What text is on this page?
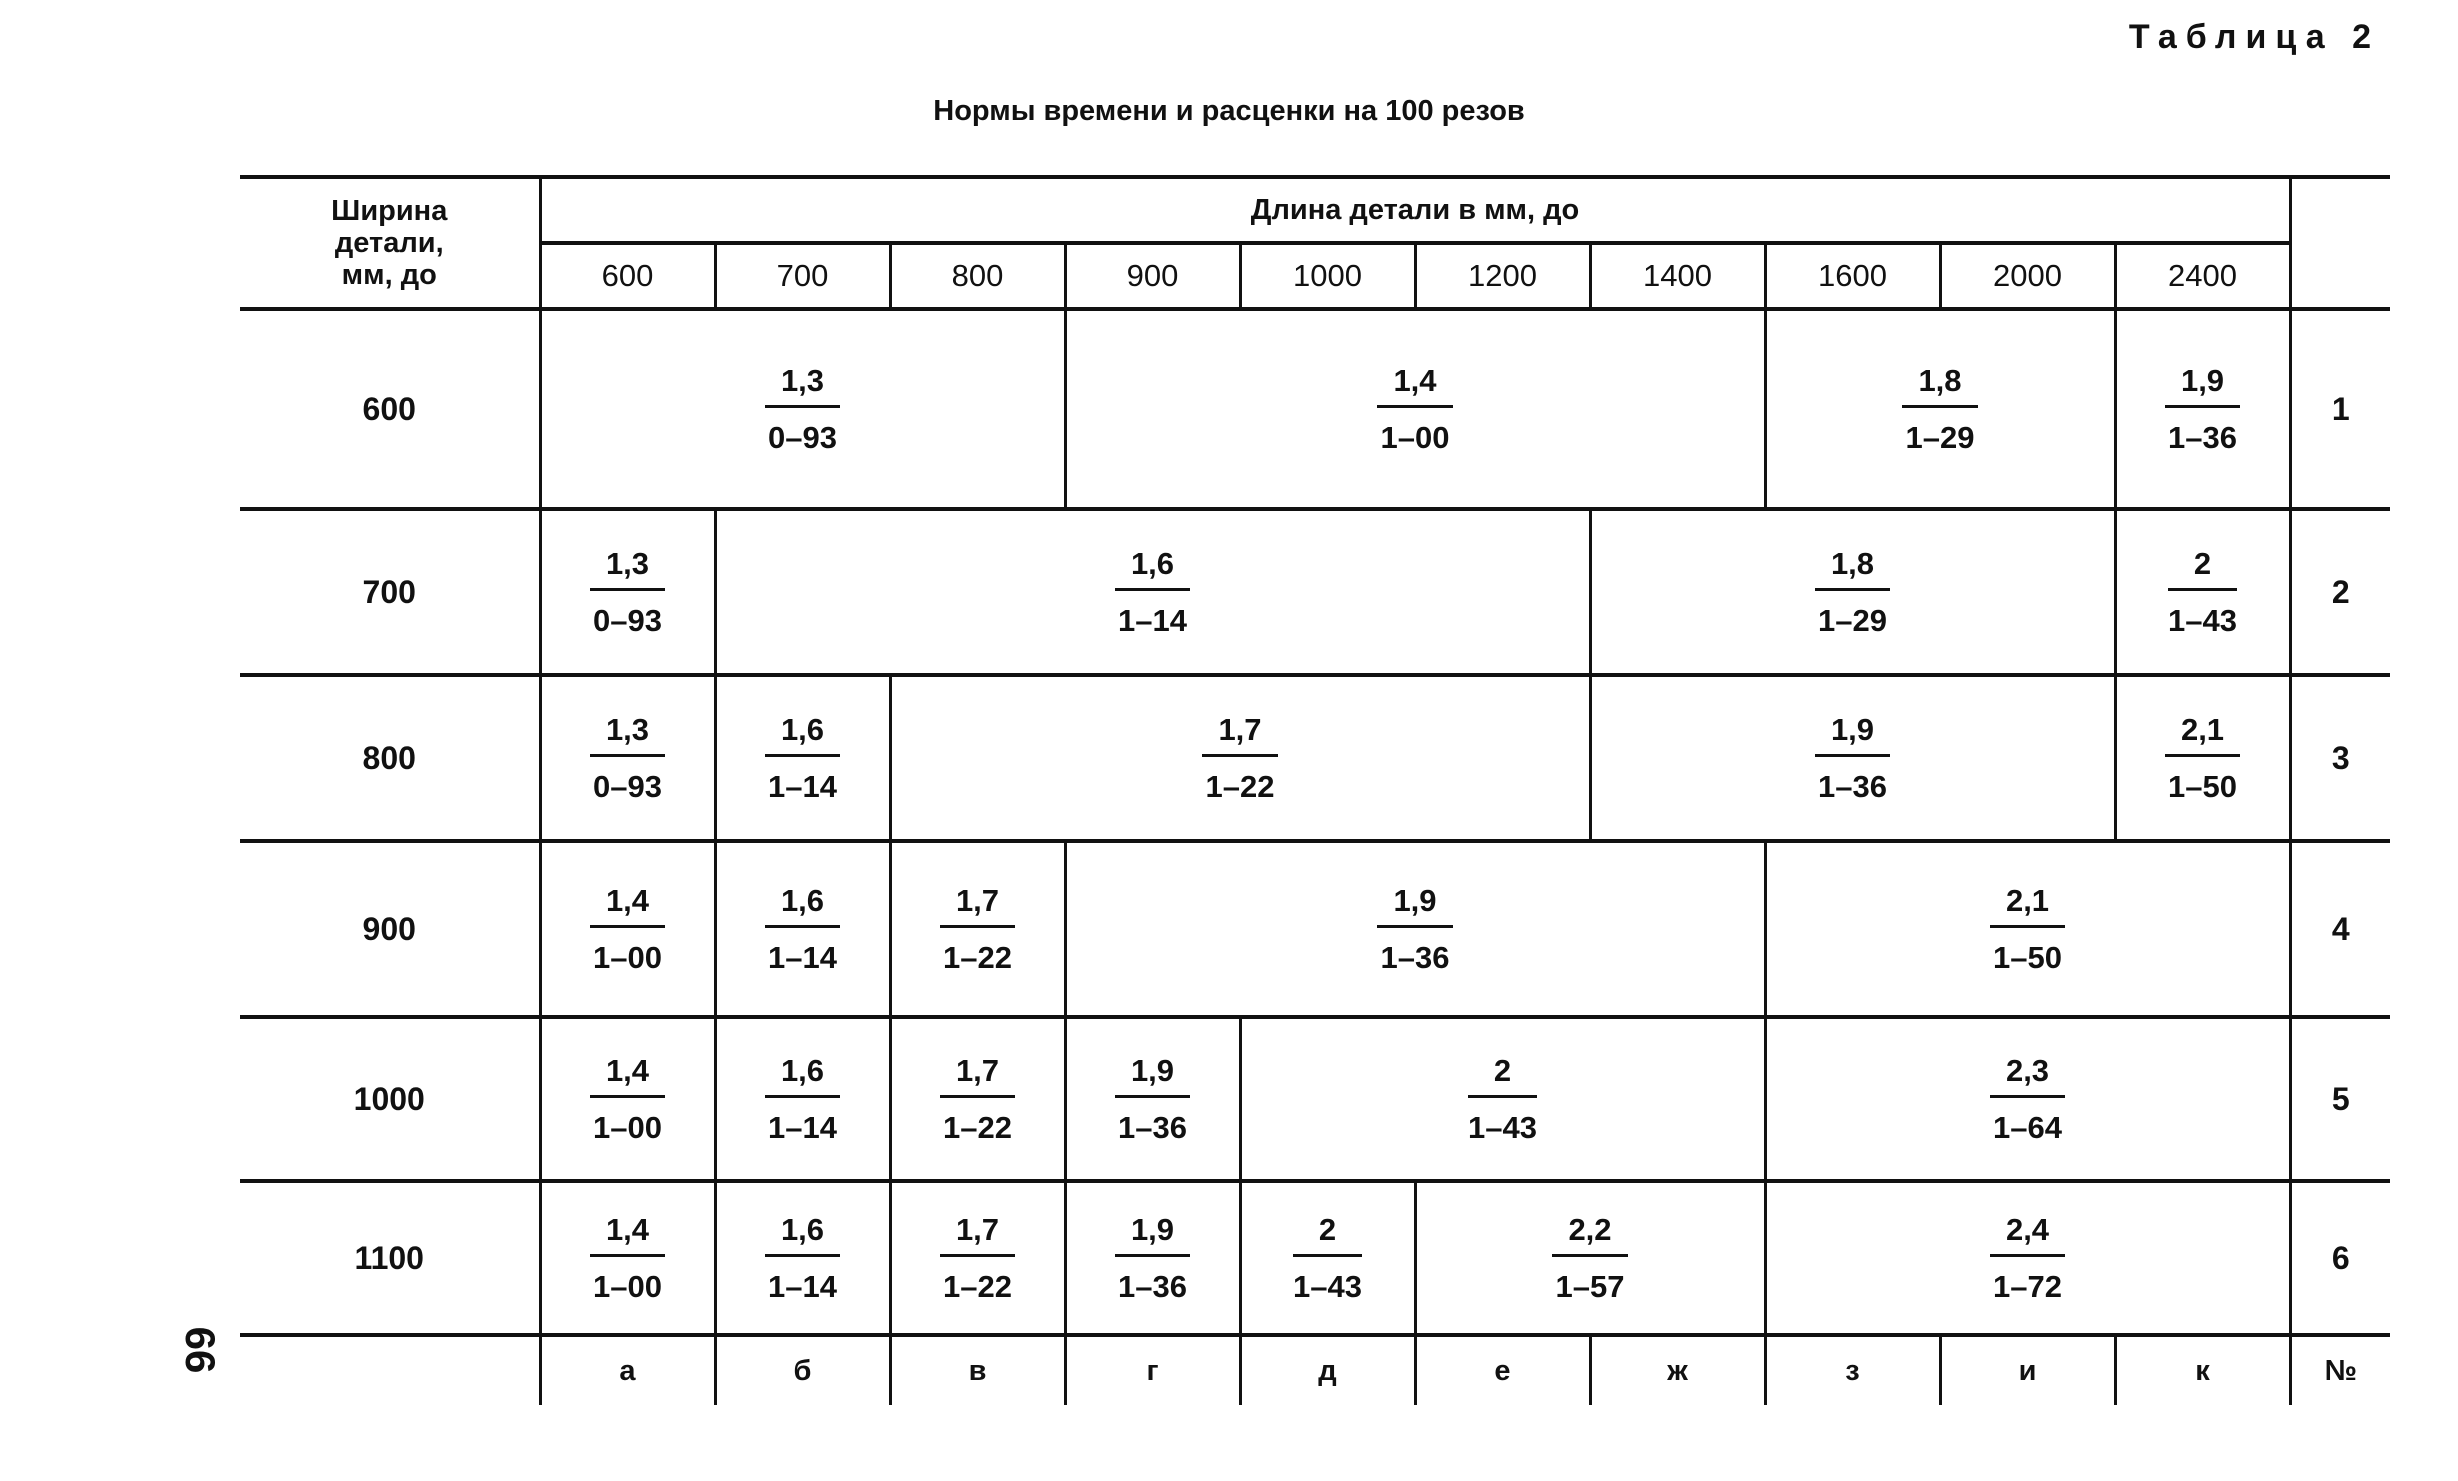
Таблица 2
Нормы времени и расценки на 100 резов
66
Ширина
детали,
мм, до	Длина детали в мм, до										
	600	700	800	900	1000	1200	1400	1600	2000	2400	
600	$\frac{1,3}{0-93}$			$\frac{1,4}{1-00}$				$\frac{1,8}{1-29}$		$\frac{1,9}{1-36}$	1
700	$\frac{1,3}{0-93}$	$\frac{1,6}{1-14}$					$\frac{1,8}{1-29}$			$\frac{2}{1-43}$	2
800	$\frac{1,3}{0-93}$	$\frac{1,6}{1-14}$	$\frac{1,7}{1-22}$				$\frac{1,9}{1-36}$			$\frac{2,1}{1-50}$	3
900	$\frac{1,4}{1-00}$	$\frac{1,6}{1-14}$	$\frac{1,7}{1-22}$	$\frac{1,9}{1-36}$				$\frac{2,1}{1-50}$			4
1000	$\frac{1,4}{1-00}$	$\frac{1,6}{1-14}$	$\frac{1,7}{1-22}$	$\frac{1,9}{1-36}$	$\frac{2}{1-43}$			$\frac{2,3}{1-64}$			5
1100	$\frac{1,4}{1-00}$	$\frac{1,6}{1-14}$	$\frac{1,7}{1-22}$	$\frac{1,9}{1-36}$	$\frac{2}{1-43}$	$\frac{2,2}{1-57}$		$\frac{2,4}{1-72}$			6
	а	б	в	г	д	е	ж	з	и	к	№
